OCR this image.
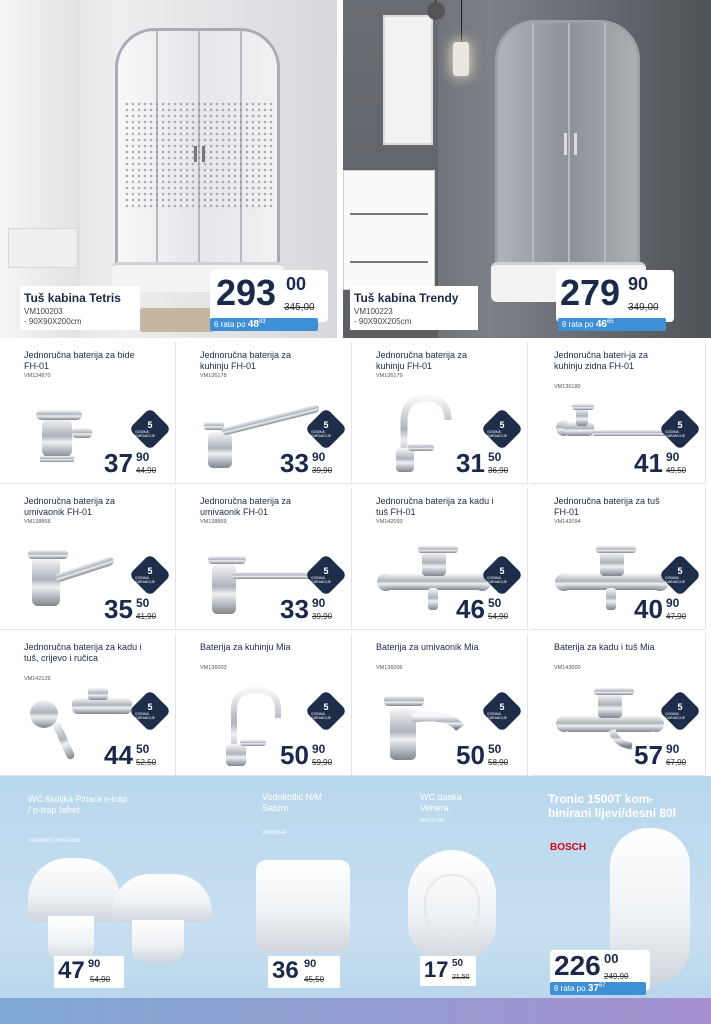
Tuš kabina Tetris
VM100203
- 90X90X200cm
293 00
345,00
6 rata po $48^{83}$
Tuš kabina Trendy
VM100223
- 90X90X205cm
279 90
349,00
6 rata po $46^{65}$
Jednoručna baterija za bide FH-01
VM134870
5
GODINA GARANCIJE
37 90
44,90
Jednoručna baterija za kuhinju FH-01
VM136178
5
GODINA GARANCIJE
33 90
39,90
Jednoručna baterija za kuhinju FH-01
VM136179
5
GODINA GARANCIJE
31 50
36,90
Jednoručna bateri-ja za kuhinju zidna FH-01
VM136180
5
GODINA GARANCIJE
41 90
49,50
Jednoručna baterija za umivaonik FH-01
VM138868
5
GODINA GARANCIJE
35 50
41,90
Jednoručna baterija za umivaonik FH-01
VM138869
5
GODINA GARANCIJE
33 90
39,90
Jednoručna baterija za kadu i tuš FH-01
VM142093
5
GODINA GARANCIJE
46 50
54,90
Jednoručna baterija za tuš FH-01
VM142094
5
GODINA GARANCIJE
40 90
47,90
Jednoručna baterija za kadu i tuš, crijevo i ručica
VM142139
5
GODINA GARANCIJE
44 50
52,50
Baterija za kuhinju Mia
VM136003
5
GODINA GARANCIJE
50 90
59,90
Baterija za umivaonik Mia
VM136006
5
GODINA GARANCIJE
50 50
58,90
Baterija za kadu i tuš Mia
VM143000
5
GODINA GARANCIJE
57 90
67,90
WC školjka Pinara s-trap / p-trap Iafret
VM124002 | VM124001
47 90
54,90
Vodokotlić N/M Saturn
VM115044
36 90
45,50
WC daska Venera
VM120105
17 50
21,50
Tronic 1500T kom-binirani lijevi/desni 80l
BOSCH
226 00
249,90
6 rata po $37^{67}$
